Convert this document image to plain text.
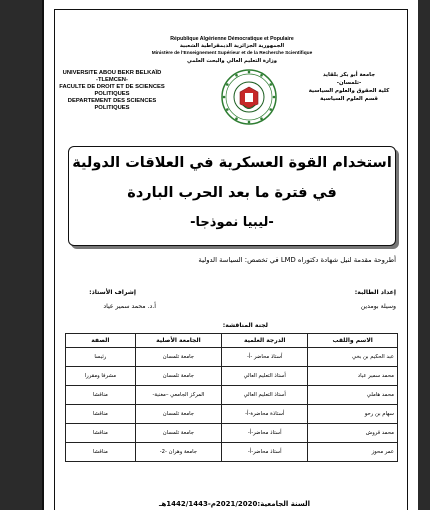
République Algérienne Démocratique et Populaire
الجمهورية الجزائرية الديمقراطية الشعبية
Ministère de l'Enseignement Supérieur et de la Recherche Scientifique
وزارة التعليم العالي والبحث العلمي
UNIVERSITE ABOU BEKR BELKAÏD
-TLEMCEN-
FACULTE DE DROIT ET DE SCIENCES
POLITIQUES
DEPARTEMENT DES SCIENCES POLITIQUES
جامعة أبو بكر بلقايد
-تلمسان-
كلية الحقوق والعلوم السياسية
قسم العلوم السياسية
استخدام القوة العسكرية في العلاقات الدولية
في فترة ما بعد الحرب الباردة
-ليبيا نموذجا-
أطروحة مقدمة لنيل شهادة دكتوراه LMD في تخصص: السياسة الدولية
إعداد الطالبة:
وسيلة بومدين
إشراف الأستاذ:
أ.د. محمد سمير عياد
لجنة المناقشة:
الاسم واللقب	الدرجة العلمية	الجامعة الأصلية	الصفة
عبد الحكيم بن بخي	أستاذ محاضر -أ-	جامعة تلمسان	رئيسا
محمد سمير عياد	أستاذ التعليم العالي	جامعة تلمسان	مشرفا ومقررا
محمد هاملي	أستاذ التعليم العالي	المركز الجامعي –مغنية-	مناقشا
سهام بن رحو	أستاذة محاضرة-أ-	جامعة تلمسان	مناقشا
محمد قروش	أستاذ محاضر-أ-	جامعة تلمسان	مناقشا
عمر محوز	أستاذ محاضر-أ-	جامعة وهران -2-	مناقشا
السنة الجامعية:2021/2020م-1442/1443هـ
